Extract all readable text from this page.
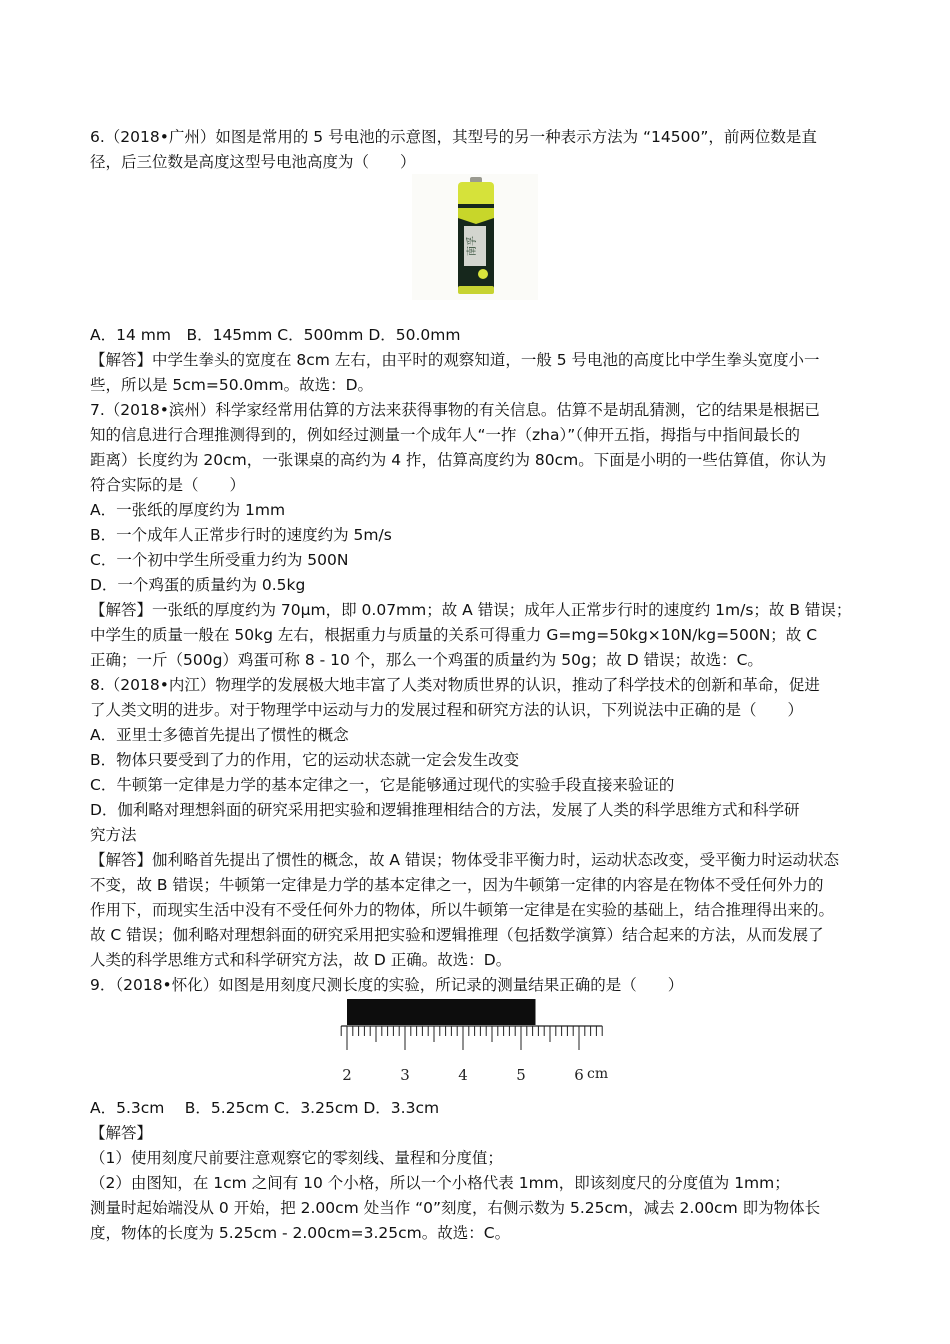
6.（2018•广州）如图是常用的 5 号电池的示意图，其型号的另一种表示方法为 “14500”，前两位数是直
径，后三位数是高度这型号电池高度为（　　）
南孚
A．14 mm　B．145mm C．500mm D．50.0mm
【解答】中学生拳头的宽度在 8cm 左右，由平时的观察知道，一般 5 号电池的高度比中学生拳头宽度小一
些，所以是 5cm=50.0mm。故选：D。
7.（2018•滨州）科学家经常用估算的方法来获得事物的有关信息。估算不是胡乱猜测，它的结果是根据已
知的信息进行合理推测得到的，例如经过测量一个成年人“一拃（zha）”（伸开五指，拇指与中指间最长的
距离）长度约为 20cm，一张课桌的高约为 4 拃，估算高度约为 80cm。下面是小明的一些估算值，你认为
符合实际的是（　　）
A．一张纸的厚度约为 1mm
B．一个成年人正常步行时的速度约为 5m/s
C．一个初中学生所受重力约为 500N
D．一个鸡蛋的质量约为 0.5kg
【解答】一张纸的厚度约为 70μm，即 0.07mm；故 A 错误；成年人正常步行时的速度约 1m/s；故 B 错误；
中学生的质量一般在 50kg 左右，根据重力与质量的关系可得重力 G=mg=50kg×10N/kg=500N；故 C
正确；一斤（500g）鸡蛋可称 8 - 10 个，那么一个鸡蛋的质量约为 50g；故 D 错误；故选：C。
8.（2018•内江）物理学的发展极大地丰富了人类对物质世界的认识，推动了科学技术的创新和革命，促进
了人类文明的进步。对于物理学中运动与力的发展过程和研究方法的认识，下列说法中正确的是（　　）
A．亚里士多德首先提出了惯性的概念
B．物体只要受到了力的作用，它的运动状态就一定会发生改变
C．牛顿第一定律是力学的基本定律之一，它是能够通过现代的实验手段直接来验证的
D．伽利略对理想斜面的研究采用把实验和逻辑推理相结合的方法，发展了人类的科学思维方式和科学研
究方法
【解答】伽利略首先提出了惯性的概念，故 A 错误；物体受非平衡力时，运动状态改变，受平衡力时运动状态
不变，故 B 错误；牛顿第一定律是力学的基本定律之一，因为牛顿第一定律的内容是在物体不受任何外力的
作用下，而现实生活中没有不受任何外力的物体，所以牛顿第一定律是在实验的基础上，结合推理得出来的。
故 C 错误；伽利略对理想斜面的研究采用把实验和逻辑推理（包括数学演算）结合起来的方法，从而发展了
人类的科学思维方式和科学研究方法，故 D 正确。故选：D。
9．（2018•怀化）如图是用刻度尺测长度的实验，所记录的测量结果正确的是（　　）
2	3	4	5	6 cm
A．5.3cm　 B．5.25cm C．3.25cm D．3.3cm
【解答】
（1）使用刻度尺前要注意观察它的零刻线、量程和分度值；
（2）由图知，在 1cm 之间有 10 个小格，所以一个小格代表 1mm，即该刻度尺的分度值为 1mm；
测量时起始端没从 0 开始，把 2.00cm 处当作 “0”刻度，右侧示数为 5.25cm，减去 2.00cm 即为物体长
度，物体的长度为 5.25cm - 2.00cm=3.25cm。故选：C。
